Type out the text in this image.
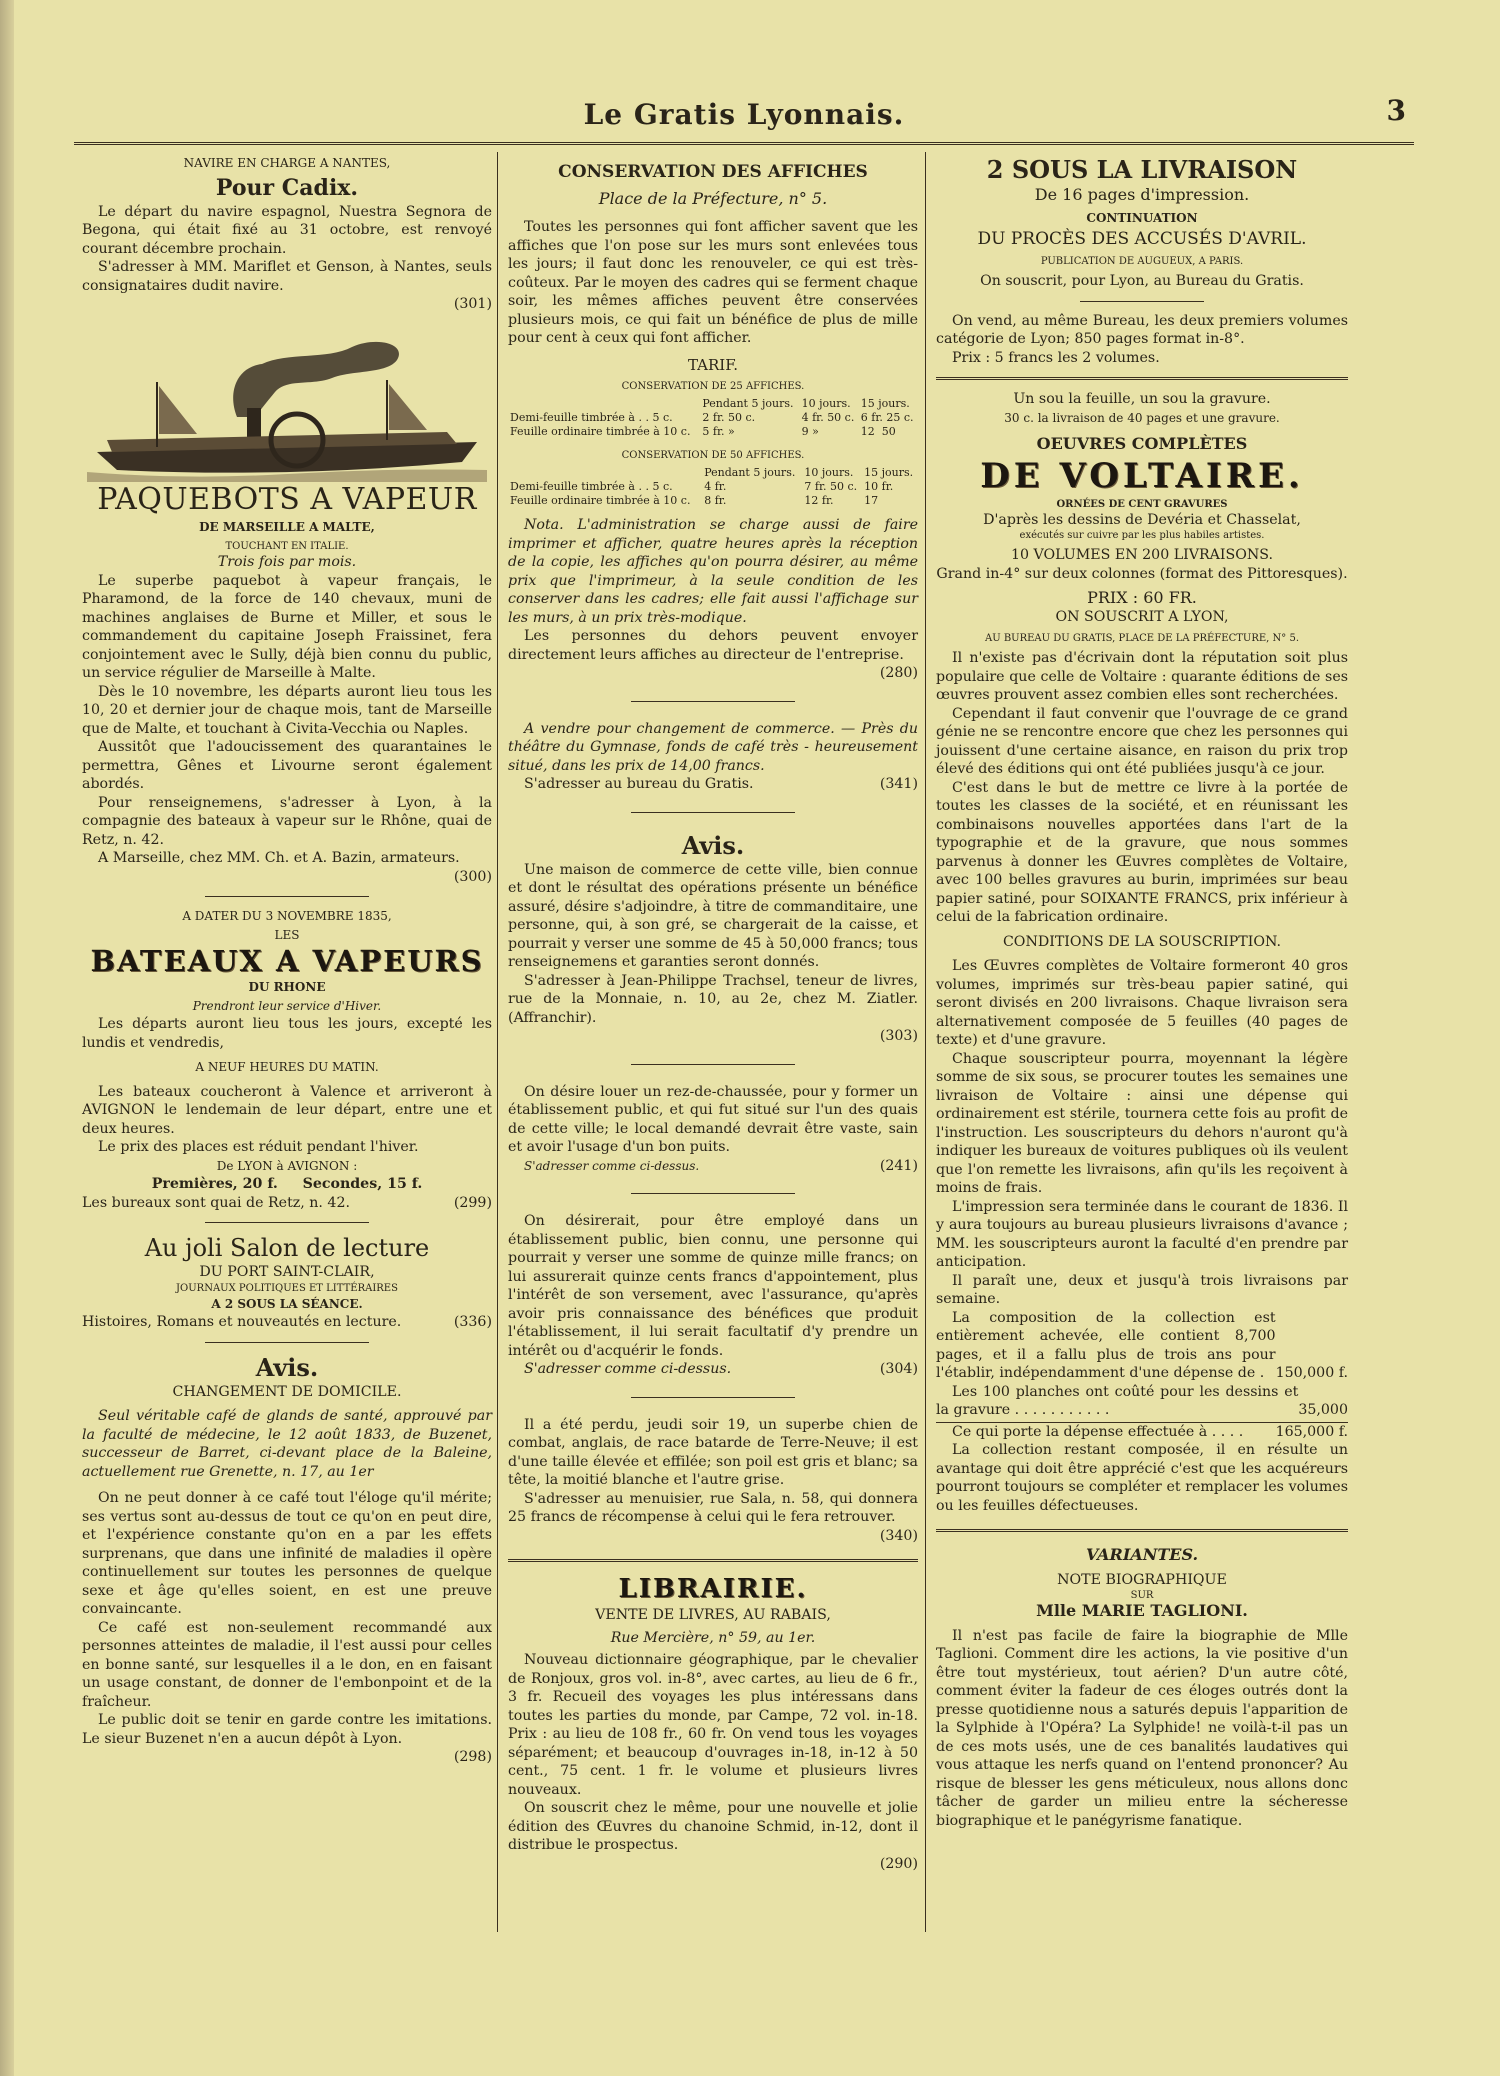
Le Gratis Lyonnais.	3
NAVIRE EN CHARGE A NANTES,
Pour Cadix.

Le départ du navire espagnol, Nuestra Segnora de Begona, qui était fixé au 31 octobre, est renvoyé courant décembre prochain.

S'adresser à MM. Mariflet et Genson, à Nantes, seuls consignataires dudit navire.

(301)
PAQUEBOTS A VAPEUR
DE MARSEILLE A MALTE,
TOUCHANT EN ITALIE.
Trois fois par mois.

Le superbe paquebot à vapeur français, le Pharamond, de la force de 140 chevaux, muni de machines anglaises de Burne et Miller, et sous le commandement du capitaine Joseph Fraissinet, fera conjointement avec le Sully, déjà bien connu du public, un service régulier de Marseille à Malte.

Dès le 10 novembre, les départs auront lieu tous les 10, 20 et dernier jour de chaque mois, tant de Marseille que de Malte, et touchant à Civita-Vecchia ou Naples.

Aussitôt que l'adoucissement des quarantaines le permettra, Gênes et Livourne seront également abordés.

Pour renseignemens, s'adresser à Lyon, à la compagnie des bateaux à vapeur sur le Rhône, quai de Retz, n. 42.

A Marseille, chez MM. Ch. et A. Bazin, armateurs.

(300)
A DATER DU 3 NOVEMBRE 1835,
LES
BATEAUX A VAPEURS
DU RHONE
Prendront leur service d'Hiver.

Les départs auront lieu tous les jours, excepté les lundis et vendredis,

A NEUF HEURES DU MATIN.

Les bateaux coucheront à Valence et arriveront à AVIGNON le lendemain de leur départ, entre une et deux heures.

Le prix des places est réduit pendant l'hiver.

De LYON à AVIGNON :
Premières, 20 f. Secondes, 15 f.
Les bureaux sont quai de Retz, n. 42.	(299)
Au joli Salon de lecture
DU PORT SAINT-CLAIR,
JOURNAUX POLITIQUES ET LITTÉRAIRES
A 2 SOUS LA SÉANCE.
Histoires, Romans et nouveautés en lecture.	(336)
Avis.
CHANGEMENT DE DOMICILE.

Seul véritable café de glands de santé, approuvé par la faculté de médecine, le 12 août 1833, de Buzenet, successeur de Barret, ci-devant place de la Baleine, actuellement rue Grenette, n. 17, au 1er

On ne peut donner à ce café tout l'éloge qu'il mérite; ses vertus sont au-dessus de tout ce qu'on en peut dire, et l'expérience constante qu'on en a par les effets surprenans, que dans une infinité de maladies il opère continuellement sur toutes les personnes de quelque sexe et âge qu'elles soient, en est une preuve convaincante.

Ce café est non-seulement recommandé aux personnes atteintes de maladie, il l'est aussi pour celles en bonne santé, sur lesquelles il a le don, en en faisant un usage constant, de donner de l'embonpoint et de la fraîcheur.

Le public doit se tenir en garde contre les imitations. Le sieur Buzenet n'en a aucun dépôt à Lyon.

(298)
CONSERVATION DES AFFICHES
Place de la Préfecture, n° 5.

Toutes les personnes qui font afficher savent que les affiches que l'on pose sur les murs sont enlevées tous les jours; il faut donc les renouveler, ce qui est très-coûteux. Par le moyen des cadres qui se ferment chaque soir, les mêmes affiches peuvent être conservées plusieurs mois, ce qui fait un bénéfice de plus de mille pour cent à ceux qui font afficher.

TARIF.
CONSERVATION DE 25 AFFICHES.
	Pendant 5 jours.	10 jours.	15 jours.
Demi-feuille timbrée à . . 5 c.	2 fr. 50 c.	4 fr. 50 c.	6 fr. 25 c.
Feuille ordinaire timbrée à 10 c.	5 fr. »	9 »	12 50
CONSERVATION DE 50 AFFICHES.
	Pendant 5 jours.	10 jours.	15 jours.
Demi-feuille timbrée à . . 5 c.	4 fr.	7 fr. 50 c.	10 fr.
Feuille ordinaire timbrée à 10 c.	8 fr.	12 fr.	17

Nota. L'administration se charge aussi de faire imprimer et afficher, quatre heures après la réception de la copie, les affiches qu'on pourra désirer, au même prix que l'imprimeur, à la seule condition de les conserver dans les cadres; elle fait aussi l'affichage sur les murs, à un prix très-modique.

Les personnes du dehors peuvent envoyer directement leurs affiches au directeur de l'entreprise.

(280)

A vendre pour changement de commerce. — Près du théâtre du Gymnase, fonds de café très - heureusement situé, dans les prix de 14,00 francs.

S'adresser au bureau du Gratis.	(341)
Avis.

Une maison de commerce de cette ville, bien connue et dont le résultat des opérations présente un bénéfice assuré, désire s'adjoindre, à titre de commanditaire, une personne, qui, à son gré, se chargerait de la caisse, et pourrait y verser une somme de 45 à 50,000 francs; tous renseignemens et garanties seront donnés.

S'adresser à Jean-Philippe Trachsel, teneur de livres, rue de la Monnaie, n. 10, au 2e, chez M. Ziatler. (Affranchir).

(303)

On désire louer un rez-de-chaussée, pour y former un établissement public, et qui fut situé sur l'un des quais de cette ville; le local demandé devrait être vaste, sain et avoir l'usage d'un bon puits.

S'adresser comme ci-dessus.	(241)

On désirerait, pour être employé dans un établissement public, bien connu, une personne qui pourrait y verser une somme de quinze mille francs; on lui assurerait quinze cents francs d'appointement, plus l'intérêt de son versement, avec l'assurance, qu'après avoir pris connaissance des bénéfices que produit l'établissement, il lui serait facultatif d'y prendre un intérêt ou d'acquérir le fonds.

S'adresser comme ci-dessus.	(304)

Il a été perdu, jeudi soir 19, un superbe chien de combat, anglais, de race batarde de Terre-Neuve; il est d'une taille élevée et effilée; son poil est gris et blanc; sa tête, la moitié blanche et l'autre grise.

S'adresser au menuisier, rue Sala, n. 58, qui donnera 25 francs de récompense à celui qui le fera retrouver.

(340)
LIBRAIRIE.
VENTE DE LIVRES, AU RABAIS,
Rue Mercière, n° 59, au 1er.

Nouveau dictionnaire géographique, par le chevalier de Ronjoux, gros vol. in-8°, avec cartes, au lieu de 6 fr., 3 fr. Recueil des voyages les plus intéressans dans toutes les parties du monde, par Campe, 72 vol. in-18. Prix : au lieu de 108 fr., 60 fr. On vend tous les voyages séparément; et beaucoup d'ouvrages in-18, in-12 à 50 cent., 75 cent. 1 fr. le volume et plusieurs livres nouveaux.

On souscrit chez le même, pour une nouvelle et jolie édition des Œuvres du chanoine Schmid, in-12, dont il distribue le prospectus.

(290)
2 SOUS LA LIVRAISON
De 16 pages d'impression.
CONTINUATION
DU PROCÈS DES ACCUSÉS D'AVRIL.
PUBLICATION DE AUGUEUX, A PARIS.
On souscrit, pour Lyon, au Bureau du Gratis.

On vend, au même Bureau, les deux premiers volumes catégorie de Lyon; 850 pages format in-8°.

Prix : 5 francs les 2 volumes.
Un sou la feuille, un sou la gravure.
30 c. la livraison de 40 pages et une gravure.
OEUVRES COMPLÈTES
DE VOLTAIRE.
ORNÉES DE CENT GRAVURES
D'après les dessins de Devéria et Chasselat,
exécutés sur cuivre par les plus habiles artistes.
10 VOLUMES EN 200 LIVRAISONS.
Grand in-4° sur deux colonnes (format des Pittoresques).
PRIX : 60 FR.
ON SOUSCRIT A LYON,
AU BUREAU DU GRATIS, PLACE DE LA PRÉFECTURE, N° 5.

Il n'existe pas d'écrivain dont la réputation soit plus populaire que celle de Voltaire : quarante éditions de ses œuvres prouvent assez combien elles sont recherchées.

Cependant il faut convenir que l'ouvrage de ce grand génie ne se rencontre encore que chez les personnes qui jouissent d'une certaine aisance, en raison du prix trop élevé des éditions qui ont été publiées jusqu'à ce jour.

C'est dans le but de mettre ce livre à la portée de toutes les classes de la société, et en réunissant les combinaisons nouvelles apportées dans l'art de la typographie et de la gravure, que nous sommes parvenus à donner les Œuvres complètes de Voltaire, avec 100 belles gravures au burin, imprimées sur beau papier satiné, pour SOIXANTE FRANCS, prix inférieur à celui de la fabrication ordinaire.

CONDITIONS DE LA SOUSCRIPTION.

Les Œuvres complètes de Voltaire formeront 40 gros volumes, imprimés sur très-beau papier satiné, qui seront divisés en 200 livraisons. Chaque livraison sera alternativement composée de 5 feuilles (40 pages de texte) et d'une gravure.

Chaque souscripteur pourra, moyennant la légère somme de six sous, se procurer toutes les semaines une livraison de Voltaire : ainsi une dépense qui ordinairement est stérile, tournera cette fois au profit de l'instruction. Les souscripteurs du dehors n'auront qu'à indiquer les bureaux de voitures publiques où ils veulent que l'on remette les livraisons, afin qu'ils les reçoivent à moins de frais.

L'impression sera terminée dans le courant de 1836. Il y aura toujours au bureau plusieurs livraisons d'avance ; MM. les souscripteurs auront la faculté d'en prendre par anticipation.

Il paraît une, deux et jusqu'à trois livraisons par semaine.

La composition de la collection est entièrement achevée, elle contient 8,700 pages, et il a fallu plus de trois ans pour l'établir, indépendamment d'une dépense de . 150,000 f.

Les 100 planches ont coûté pour les dessins et la gravure . . . . . . . . . . .	35,000
Ce qui porte la dépense effectuée à . . . . 165,000 f.

La collection restant composée, il en résulte un avantage qui doit être apprécié c'est que les acquéreurs pourront toujours se compléter et remplacer les volumes ou les feuilles défectueuses.

VARIANTES.
NOTE BIOGRAPHIQUE
SUR
Mlle MARIE TAGLIONI.

Il n'est pas facile de faire la biographie de Mlle Taglioni. Comment dire les actions, la vie positive d'un être tout mystérieux, tout aérien? D'un autre côté, comment éviter la fadeur de ces éloges outrés dont la presse quotidienne nous a saturés depuis l'apparition de la Sylphide à l'Opéra? La Sylphide! ne voilà-t-il pas un de ces mots usés, une de ces banalités laudatives qui vous attaque les nerfs quand on l'entend prononcer? Au risque de blesser les gens méticuleux, nous allons donc tâcher de garder un milieu entre la sécheresse biographique et le panégyrisme fanatique.
